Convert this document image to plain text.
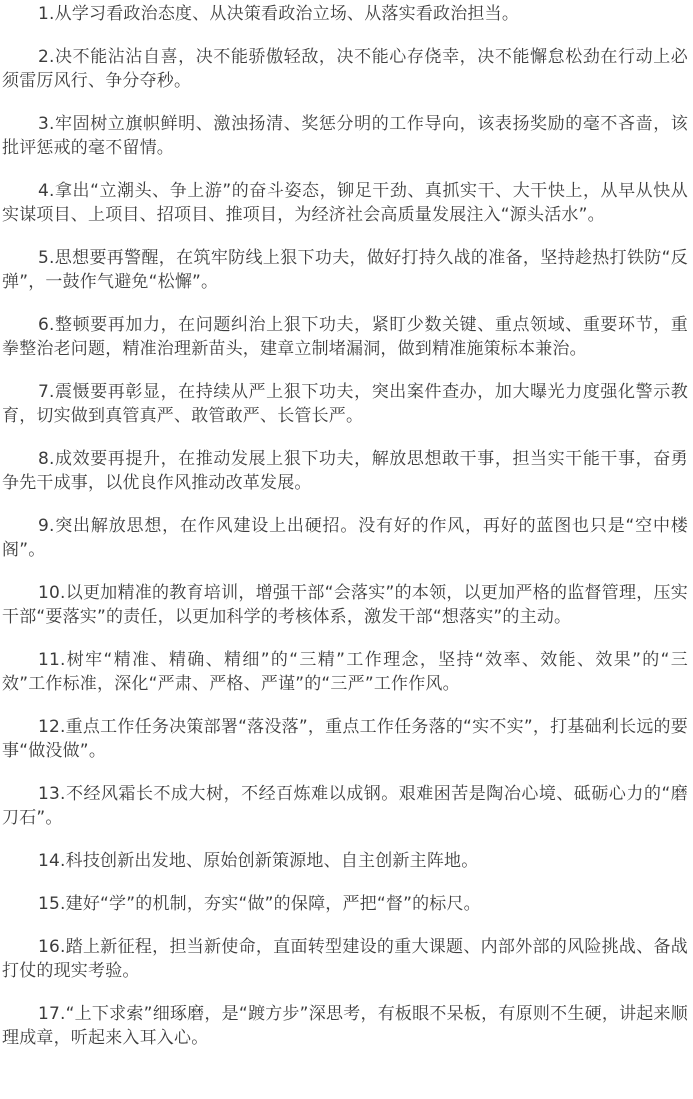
1.从学习看政治态度、从决策看政治立场、从落实看政治担当。

2.决不能沾沾自喜，决不能骄傲轻敌，决不能心存侥幸，决不能懈怠松劲在行动上必须雷厉风行、争分夺秒。

3.牢固树立旗帜鲜明、激浊扬清、奖惩分明的工作导向，该表扬奖励的毫不吝啬，该批评惩戒的毫不留情。

4.拿出“立潮头、争上游”的奋斗姿态，铆足干劲、真抓实干、大干快上，从早从快从实谋项目、上项目、招项目、推项目，为经济社会高质量发展注入“源头活水”。

5.思想要再警醒，在筑牢防线上狠下功夫，做好打持久战的准备，坚持趁热打铁防“反弹”，一鼓作气避免“松懈”。

6.整顿要再加力，在问题纠治上狠下功夫，紧盯少数关键、重点领域、重要环节，重拳整治老问题，精准治理新苗头，建章立制堵漏洞，做到精准施策标本兼治。

7.震慑要再彰显，在持续从严上狠下功夫，突出案件查办，加大曝光力度强化警示教育，切实做到真管真严、敢管敢严、长管长严。

8.成效要再提升，在推动发展上狠下功夫，解放思想敢干事，担当实干能干事，奋勇争先干成事，以优良作风推动改革发展。

9.突出解放思想，在作风建设上出硬招。没有好的作风，再好的蓝图也只是“空中楼阁”。

10.以更加精准的教育培训，增强干部“会落实”的本领，以更加严格的监督管理，压实干部“要落实”的责任，以更加科学的考核体系，激发干部“想落实”的主动。

11.树牢“精准、精确、精细”的“三精”工作理念，坚持“效率、效能、效果”的“三效”工作标准，深化“严肃、严格、严谨”的“三严”工作作风。

12.重点工作任务决策部署“落没落”，重点工作任务落的“实不实”，打基础利长远的要事“做没做”。

13.不经风霜长不成大树，不经百炼难以成钢。艰难困苦是陶冶心境、砥砺心力的“磨刀石”。

14.科技创新出发地、原始创新策源地、自主创新主阵地。

15.建好“学”的机制，夯实“做”的保障，严把“督”的标尺。

16.踏上新征程，担当新使命，直面转型建设的重大课题、内部外部的风险挑战、备战打仗的现实考验。

17.“上下求索”细琢磨，是“踱方步”深思考，有板眼不呆板，有原则不生硬，讲起来顺理成章，听起来入耳入心。
